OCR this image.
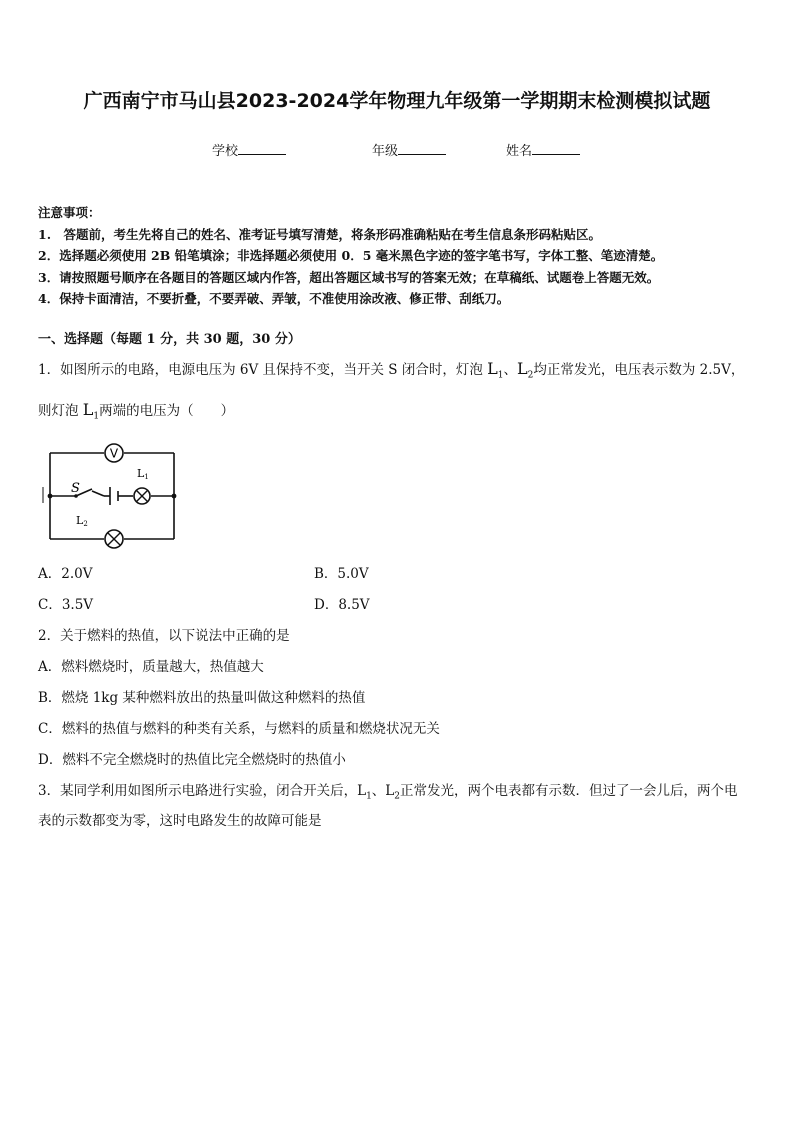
广西南宁市马山县2023-2024学年物理九年级第一学期期末检测模拟试题
学校	年级	姓名
注意事项：
1.　答题前，考生先将自己的姓名、准考证号填写清楚，将条形码准确粘贴在考生信息条形码粘贴区。
2．选择题必须使用 2B 铅笔填涂；非选择题必须使用 0．5 毫米黑色字迹的签字笔书写，字体工整、笔迹清楚。
3．请按照题号顺序在各题目的答题区域内作答，超出答题区域书写的答案无效；在草稿纸、试题卷上答题无效。
4．保持卡面清洁，不要折叠，不要弄破、弄皱，不准使用涂改液、修正带、刮纸刀。
一、选择题（每题 1 分，共 30 题，30 分）
1．如图所示的电路，电源电压为 6V 且保持不变，当开关 S 闭合时，灯泡 $L_1$、$L_2$均正常发光，电压表示数为 2.5V，
则灯泡 $L_1$两端的电压为（　　）
V
S
L1
L2
A．2.0V	B．5.0V
C．3.5V	D．8.5V
2．关于燃料的热值，以下说法中正确的是
A．燃料燃烧时，质量越大，热值越大
B．燃烧 1kg 某种燃料放出的热量叫做这种燃料的热值
C．燃料的热值与燃料的种类有关系，与燃料的质量和燃烧状况无关
D．燃料不完全燃烧时的热值比完全燃烧时的热值小
3．某同学利用如图所示电路进行实验，闭合开关后，$L_1$、$L_2$正常发光，两个电表都有示数．但过了一会儿后，两个电
表的示数都变为零，这时电路发生的故障可能是
